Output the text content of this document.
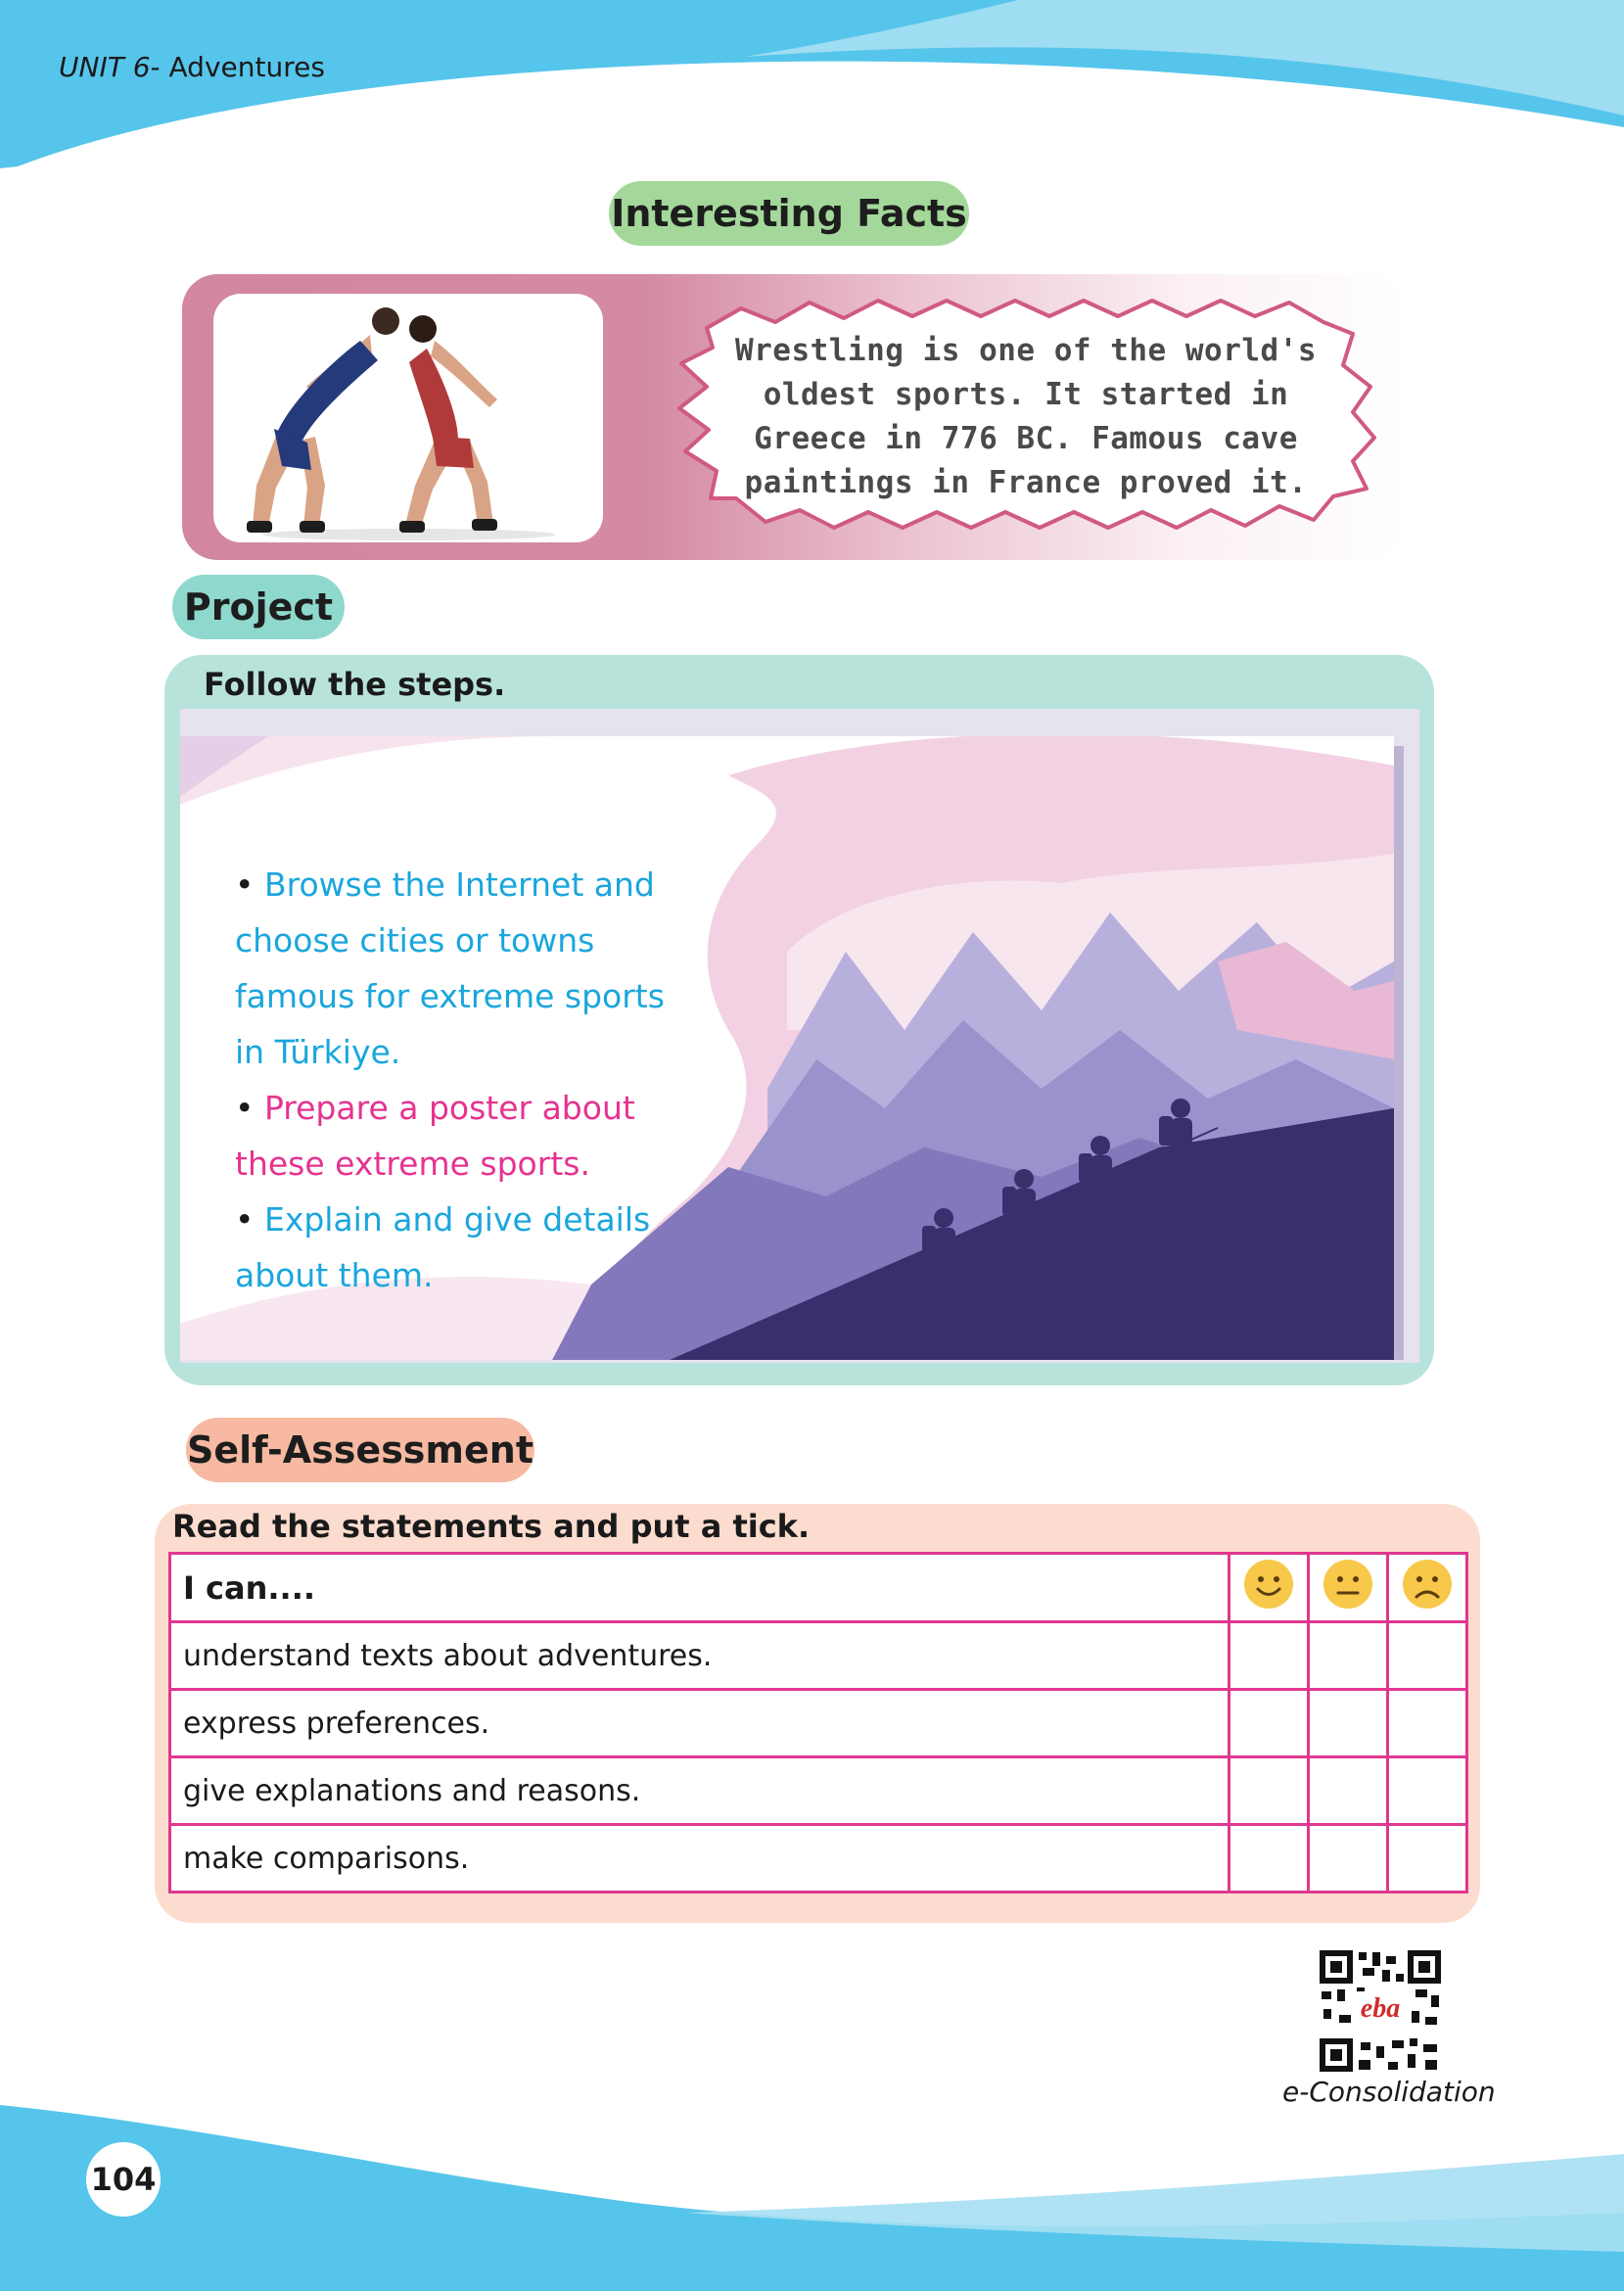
UNIT 6- Adventures
Interesting Facts
Wrestling is one of the world's
oldest sports. It started in
Greece in 776 BC. Famous cave
paintings in France proved it.
Project
Follow the steps.
• Browse the Internet and
choose cities or towns
famous for extreme sports
in Türkiye.
• Prepare a poster about
these extreme sports.
• Explain and give details
about them.
Self-Assessment
Read the statements and put a tick.
I can....			
understand texts about adventures.			
express preferences.			
give explanations and reasons.			
make comparisons.			
eba
e-Consolidation
104
